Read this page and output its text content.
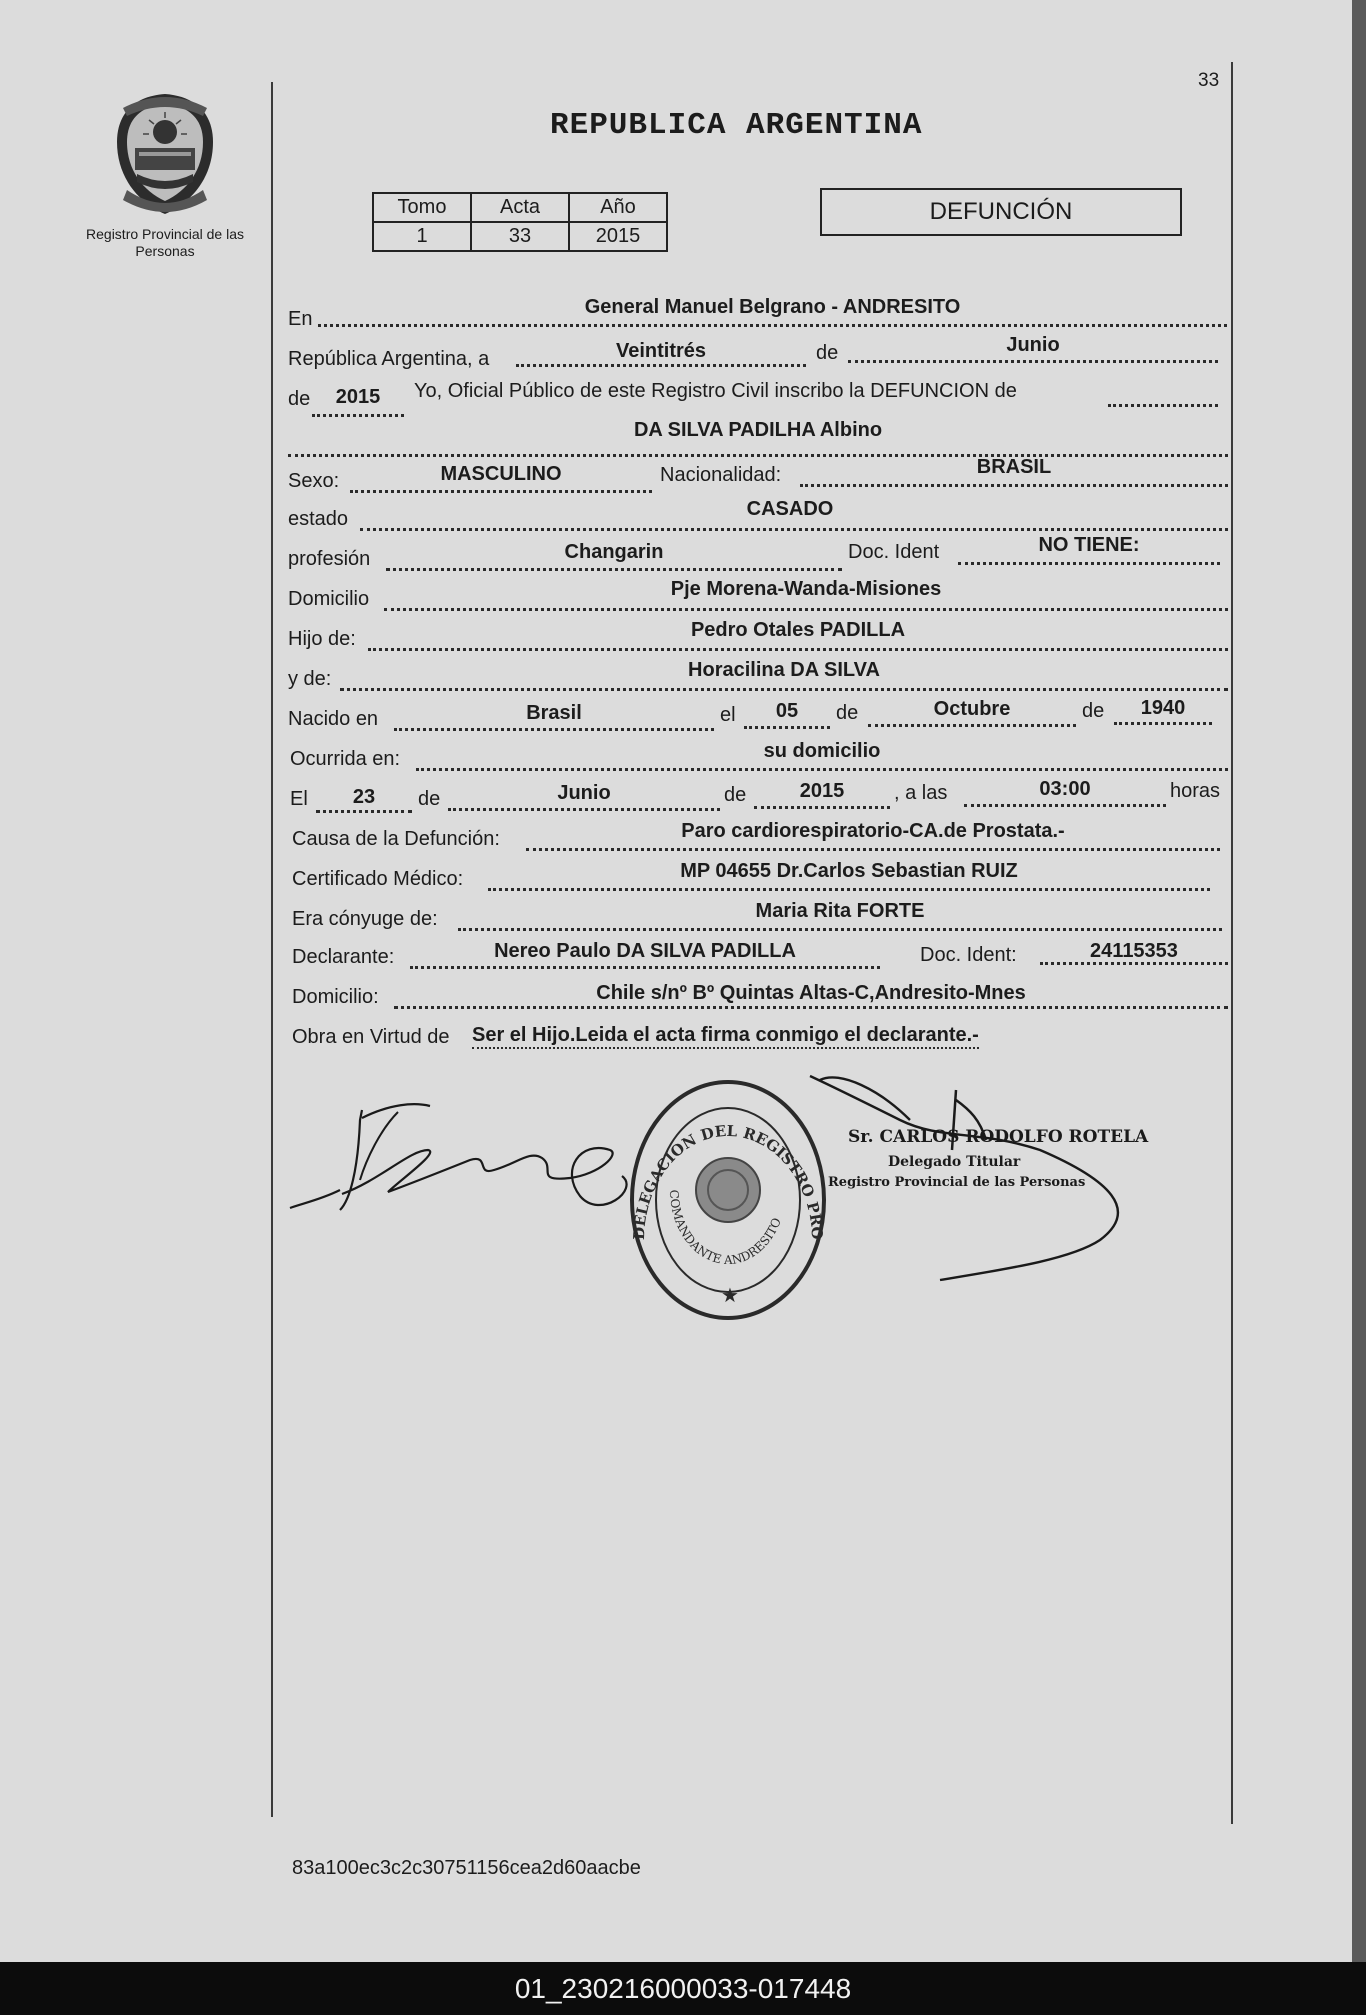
Registro Provincial de las Personas
33
REPUBLICA ARGENTINA
Tomo	Acta	Año
1	33	2015
DEFUNCIÓN
En
General Manuel Belgrano - ANDRESITO
República Argentina, a	Veintitrés	de	Junio
de	2015	Yo, Oficial Público de este Registro Civil inscribo la DEFUNCION de
DA SILVA PADILHA Albino
Sexo:	MASCULINO	Nacionalidad:	BRASIL
estado	CASADO
profesión	Changarin	Doc. Ident	NO TIENE:
Domicilio	Pje Morena-Wanda-Misiones
Hijo de:	Pedro Otales PADILLA
y de:	Horacilina DA SILVA
Nacido en	Brasil	el	05	de	Octubre	de	1940
Ocurrida en:	su domicilio
El	23	de	Junio	de	2015	, a las	03:00	horas
Causa de la Defunción:	Paro cardiorespiratorio-CA.de Prostata.-
Certificado Médico:	MP 04655 Dr.Carlos Sebastian RUIZ
Era cónyuge de:	Maria Rita FORTE
Declarante:	Nereo Paulo DA SILVA PADILLA	Doc. Ident:	24115353
Domicilio:	Chile s/nº Bº Quintas Altas-C,Andresito-Mnes
Obra en Virtud de Ser el Hijo.Leida el acta firma conmigo el declarante.-
DELEGACION DEL REGISTRO PRO
COMANDANTE ANDRESITO
★
Sr. CARLOS RODOLFO ROTELA
Delegado Titular
Registro Provincial de las Personas
83a100ec3c2c30751156cea2d60aacbe
01_230216000033-017448
